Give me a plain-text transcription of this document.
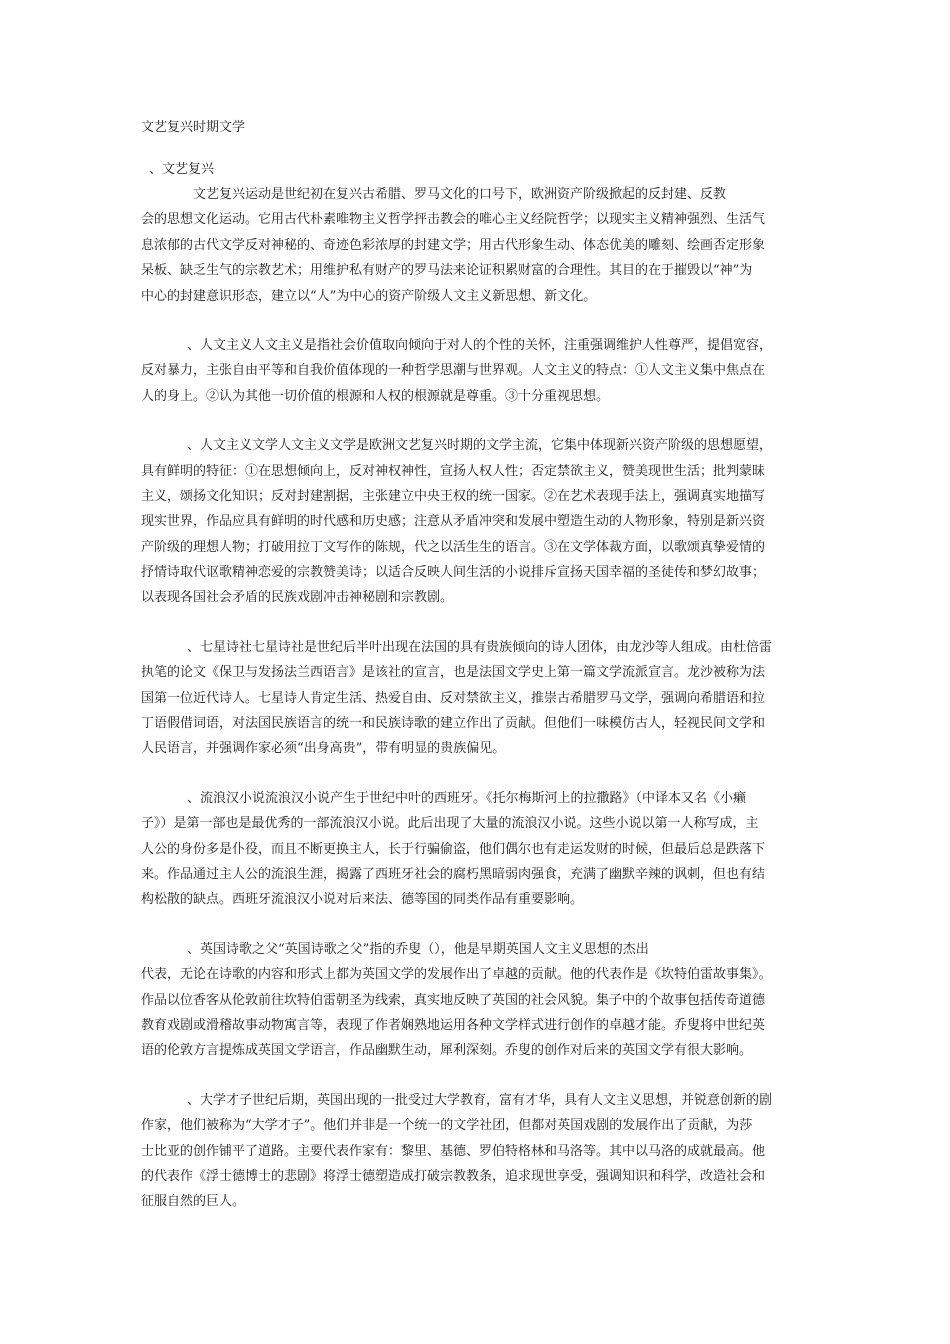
文艺复兴时期文学
、文艺复兴
文艺复兴运动是世纪初在复兴古希腊、罗马文化的口号下，欧洲资产阶级掀起的反封建、反教
会的思想文化运动。它用古代朴素唯物主义哲学抨击教会的唯心主义经院哲学；以现实主义精神强烈、生活气
息浓郁的古代文学反对神秘的、奇迹色彩浓厚的封建文学；用古代形象生动、体态优美的雕刻、绘画否定形象
呆板、缺乏生气的宗教艺术；用维护私有财产的罗马法来论证积累财富的合理性。其目的在于摧毁以“神”为
中心的封建意识形态，建立以“人”为中心的资产阶级人文主义新思想、新文化。
、人文主义人文主义是指社会价值取向倾向于对人的个性的关怀，注重强调维护人性尊严，提倡宽容，
反对暴力，主张自由平等和自我价值体现的一种哲学思潮与世界观。人文主义的特点：①人文主义集中焦点在
人的身上。②认为其他一切价值的根源和人权的根源就是尊重。③十分重视思想。
、人文主义文学人文主义文学是欧洲文艺复兴时期的文学主流，它集中体现新兴资产阶级的思想愿望，
具有鲜明的特征：①在思想倾向上，反对神权神性，宣扬人权人性；否定禁欲主义，赞美现世生活；批判蒙昧
主义，颂扬文化知识；反对封建割据，主张建立中央王权的统一国家。②在艺术表现手法上，强调真实地描写
现实世界，作品应具有鲜明的时代感和历史感；注意从矛盾冲突和发展中塑造生动的人物形象，特别是新兴资
产阶级的理想人物；打破用拉丁文写作的陈规，代之以活生生的语言。③在文学体裁方面，以歌颂真挚爱情的
抒情诗取代讴歌精神恋爱的宗教赞美诗；以适合反映人间生活的小说排斥宣扬天国幸福的圣徒传和梦幻故事；
以表现各国社会矛盾的民族戏剧冲击神秘剧和宗教剧。
、七星诗社七星诗社是世纪后半叶出现在法国的具有贵族倾向的诗人团体，由龙沙等人组成。由杜倍雷
执笔的论文《保卫与发扬法兰西语言》是该社的宣言，也是法国文学史上第一篇文学流派宣言。龙沙被称为法
国第一位近代诗人。七星诗人肯定生活、热爱自由、反对禁欲主义，推崇古希腊罗马文学，强调向希腊语和拉
丁语假借词语，对法国民族语言的统一和民族诗歌的建立作出了贡献。但他们一味模仿古人，轻视民间文学和
人民语言，并强调作家必须“出身高贵”，带有明显的贵族偏见。
、流浪汉小说流浪汉小说产生于世纪中叶的西班牙。《托尔梅斯河上的拉撒路》（中译本又名《小癞
子》）是第一部也是最优秀的一部流浪汉小说。此后出现了大量的流浪汉小说。这些小说以第一人称写成，主
人公的身份多是仆役，而且不断更换主人，长于行骗偷盗，他们偶尔也有走运发财的时候，但最后总是跌落下
来。作品通过主人公的流浪生涯，揭露了西班牙社会的腐朽黑暗弱肉强食，充满了幽默辛辣的讽刺，但也有结
构松散的缺点。西班牙流浪汉小说对后来法、德等国的同类作品有重要影响。
、英国诗歌之父“英国诗歌之父”指的乔叟（），他是早期英国人文主义思想的杰出
代表，无论在诗歌的内容和形式上都为英国文学的发展作出了卓越的贡献。他的代表作是《坎特伯雷故事集》。
作品以位香客从伦敦前往坎特伯雷朝圣为线索，真实地反映了英国的社会风貌。集子中的个故事包括传奇道德
教育戏剧或滑稽故事动物寓言等，表现了作者娴熟地运用各种文学样式进行创作的卓越才能。乔叟将中世纪英
语的伦敦方言提炼成英国文学语言，作品幽默生动，犀利深刻。乔叟的创作对后来的英国文学有很大影响。
、大学才子世纪后期，英国出现的一批受过大学教育，富有才华，具有人文主义思想，并锐意创新的剧
作家，他们被称为“大学才子”。他们并非是一个统一的文学社团，但都对英国戏剧的发展作出了贡献，为莎
士比亚的创作铺平了道路。主要代表作家有：黎里、基德、罗伯特格林和马洛等。其中以马洛的成就最高。他
的代表作《浮士德博士的悲剧》将浮士德塑造成打破宗教教条，追求现世享受，强调知识和科学，改造社会和
征服自然的巨人。
